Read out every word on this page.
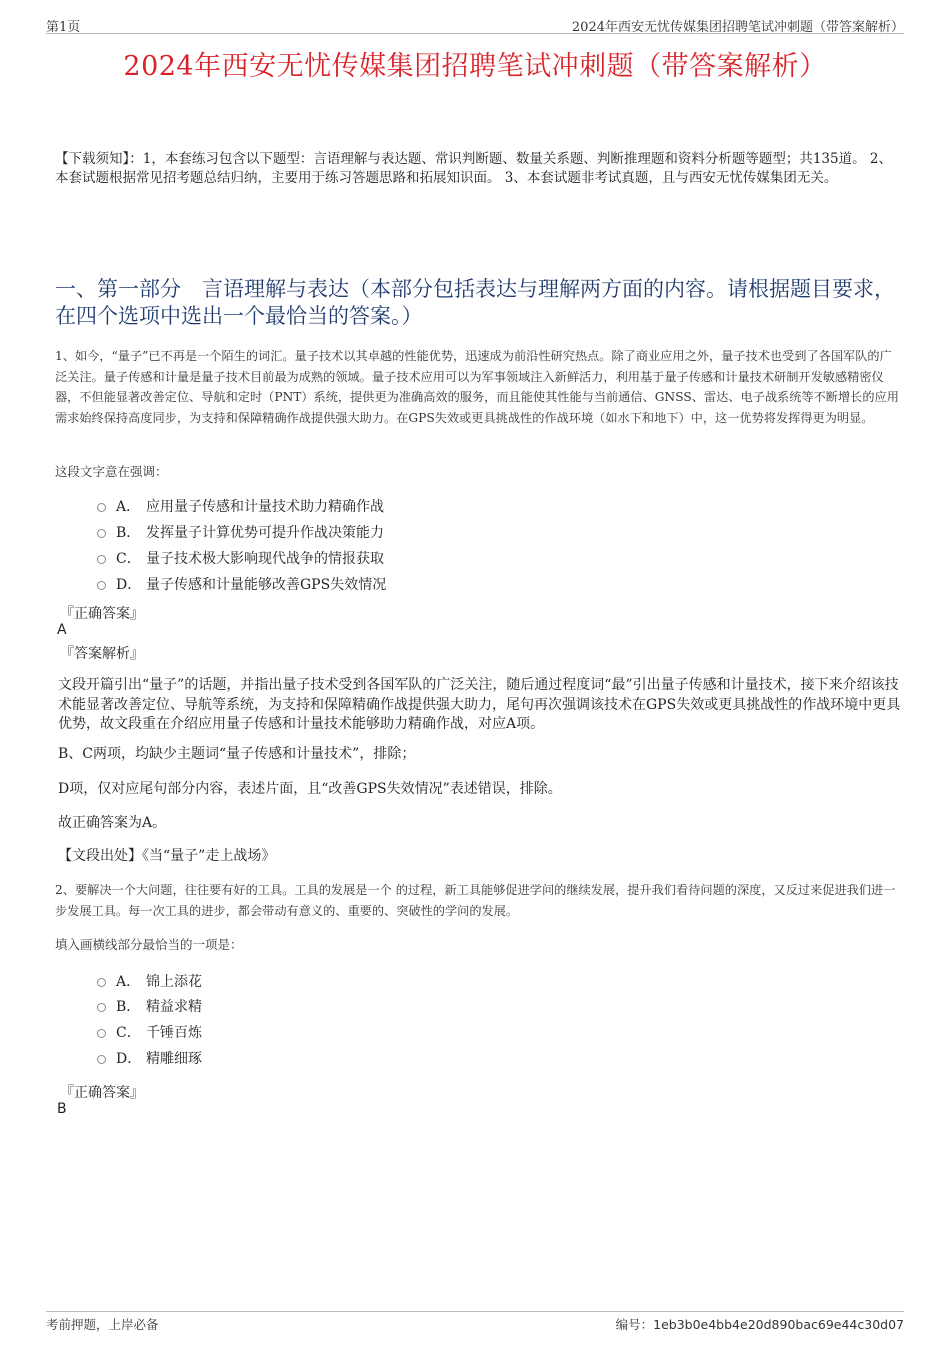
第1页	2024年西安无忧传媒集团招聘笔试冲刺题（带答案解析）
2024年西安无忧传媒集团招聘笔试冲刺题（带答案解析）
【下载须知】：1，本套练习包含以下题型：言语理解与表达题、常识判断题、数量关系题、判断推理题和资料分析题等题型；共135道。 2、本套试题根据常见招考题总结归纳，主要用于练习答题思路和拓展知识面。 3、本套试题非考试真题，且与西安无忧传媒集团无关。
一、第一部分　言语理解与表达（本部分包括表达与理解两方面的内容。请根据题目要求，在四个选项中选出一个最恰当的答案。）
1、如今，“量子”已不再是一个陌生的词汇。量子技术以其卓越的性能优势，迅速成为前沿性研究热点。除了商业应用之外，量子技术也受到了各国军队的广泛关注。量子传感和计量是量子技术目前最为成熟的领域。量子技术应用可以为军事领域注入新鲜活力，利用基于量子传感和计量技术研制开发敏感精密仪器，不但能显著改善定位、导航和定时（PNT）系统，提供更为准确高效的服务，而且能使其性能与当前通信、GNSS、雷达、电子战系统等不断增长的应用需求始终保持高度同步，为支持和保障精确作战提供强大助力。在GPS失效或更具挑战性的作战环境（如水下和地下）中，这一优势将发挥得更为明显。
这段文字意在强调：
A． 应用量子传感和计量技术助力精确作战
B． 发挥量子计算优势可提升作战决策能力
C． 量子技术极大影响现代战争的情报获取
D． 量子传感和计量能够改善GPS失效情况
『正确答案』
A
『答案解析』
文段开篇引出“量子”的话题，并指出量子技术受到各国军队的广泛关注，随后通过程度词“最”引出量子传感和计量技术，接下来介绍该技术能显著改善定位、导航等系统，为支持和保障精确作战提供强大助力，尾句再次强调该技术在GPS失效或更具挑战性的作战环境中更具优势，故文段重在介绍应用量子传感和计量技术能够助力精确作战，对应A项。
B、C两项，均缺少主题词“量子传感和计量技术”，排除；
D项，仅对应尾句部分内容，表述片面，且“改善GPS失效情况”表述错误，排除。
故正确答案为A。
【文段出处】《当“量子”走上战场》
2、要解决一个大问题，往往要有好的工具。工具的发展是一个 的过程，新工具能够促进学问的继续发展，提升我们看待问题的深度，又反过来促进我们进一步发展工具。每一次工具的进步，都会带动有意义的、重要的、突破性的学问的发展。
填入画横线部分最恰当的一项是：
A． 锦上添花
B． 精益求精
C． 千锤百炼
D． 精雕细琢
『正确答案』
B
考前押题，上岸必备	编号：1eb3b0e4bb4e20d890bac69e44c30d07
